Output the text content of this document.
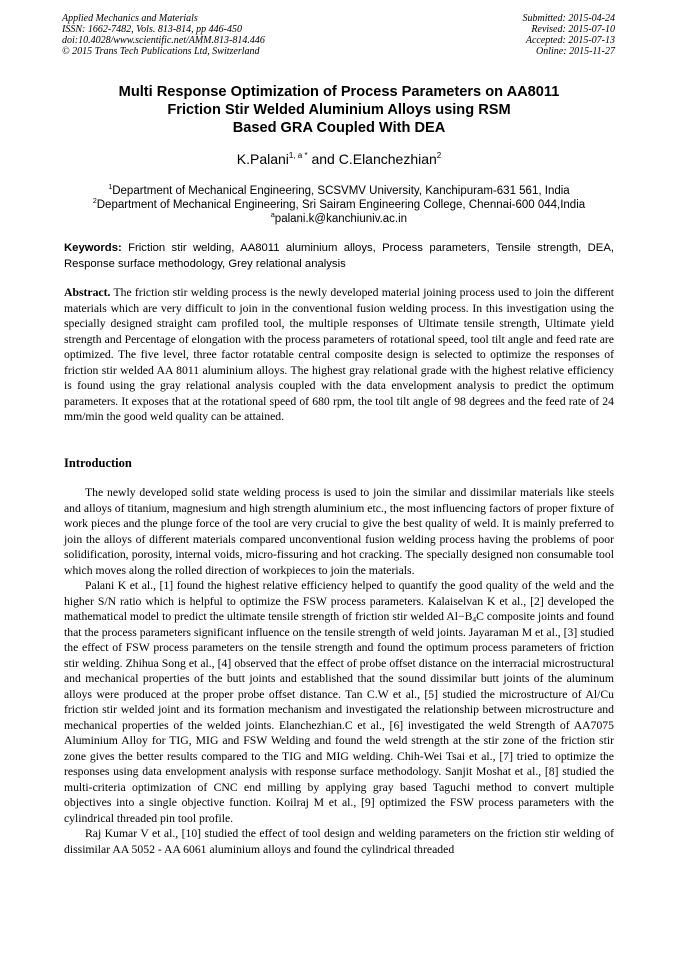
Applied Mechanics and Materials
ISSN: 1662-7482, Vols. 813-814, pp 446-450
doi:10.4028/www.scientific.net/AMM.813-814.446
© 2015 Trans Tech Publications Ltd, Switzerland
Submitted: 2015-04-24
Revised: 2015-07-10
Accepted: 2015-07-13
Online: 2015-11-27
Multi Response Optimization of Process Parameters on AA8011
Friction Stir Welded Aluminium Alloys using RSM
Based GRA Coupled With DEA
K.Palani$^{1, a *}$ and C.Elanchezhian$^2$
$^1$Department of Mechanical Engineering, SCSVMV University, Kanchipuram-631 561, India
$^2$Department of Mechanical Engineering, Sri Sairam Engineering College, Chennai-600 044,India
$^a$palani.k@kanchiuniv.ac.in
Keywords: Friction stir welding, AA8011 aluminium alloys, Process parameters, Tensile strength, DEA, Response surface methodology, Grey relational analysis
Abstract. The friction stir welding process is the newly developed material joining process used to join the different materials which are very difficult to join in the conventional fusion welding process. In this investigation using the specially designed straight cam profiled tool, the multiple responses of Ultimate tensile strength, Ultimate yield strength and Percentage of elongation with the process parameters of rotational speed, tool tilt angle and feed rate are optimized. The five level, three factor rotatable central composite design is selected to optimize the responses of friction stir welded AA 8011 aluminium alloys. The highest gray relational grade with the highest relative efficiency is found using the gray relational analysis coupled with the data envelopment analysis to predict the optimum parameters. It exposes that at the rotational speed of 680 rpm, the tool tilt angle of 98 degrees and the feed rate of 24 mm/min the good weld quality can be attained.
Introduction

The newly developed solid state welding process is used to join the similar and dissimilar materials like steels and alloys of titanium, magnesium and high strength aluminium etc., the most influencing factors of proper fixture of work pieces and the plunge force of the tool are very crucial to give the best quality of weld. It is mainly preferred to join the alloys of different materials compared unconventional fusion welding process having the problems of poor solidification, porosity, internal voids, micro-fissuring and hot cracking. The specially designed non consumable tool which moves along the rolled direction of workpieces to join the materials.

Palani K et al., [1] found the highest relative efficiency helped to quantify the good quality of the weld and the higher S/N ratio which is helpful to optimize the FSW process parameters. Kalaiselvan K et al., [2] developed the mathematical model to predict the ultimate tensile strength of friction stir welded $Al-B_4C$ composite joints and found that the process parameters significant influence on the tensile strength of weld joints. Jayaraman M et al., [3] studied the effect of FSW process parameters on the tensile strength and found the optimum process parameters of friction stir welding. Zhihua Song et al., [4] observed that the effect of probe offset distance on the interracial microstructural and mechanical properties of the butt joints and established that the sound dissimilar butt joints of the aluminum alloys were produced at the proper probe offset distance. Tan C.W et al., [5] studied the microstructure of Al/Cu friction stir welded joint and its formation mechanism and investigated the relationship between microstructure and mechanical properties of the welded joints. Elanchezhian.C et al., [6] investigated the weld Strength of AA7075 Aluminium Alloy for TIG, MIG and FSW Welding and found the weld strength at the stir zone of the friction stir zone gives the better results compared to the TIG and MIG welding. Chih-Wei Tsai et al., [7] tried to optimize the responses using data envelopment analysis with response surface methodology. Sanjit Moshat et al., [8] studied the multi-criteria optimization of CNC end milling by applying gray based Taguchi method to convert multiple objectives into a single objective function. Koilraj M et al., [9] optimized the FSW process parameters with the cylindrical threaded pin tool profile.

Raj Kumar V et al., [10] studied the effect of tool design and welding parameters on the friction stir welding of dissimilar AA 5052 - AA 6061 aluminium alloys and found the cylindrical threaded
